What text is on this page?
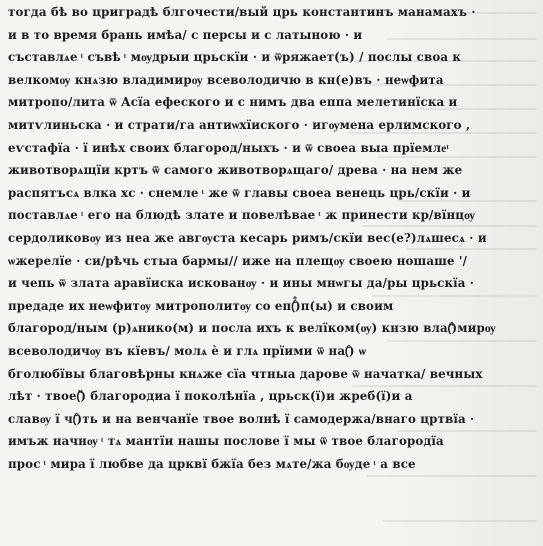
тогда бѣ во цриградѣ блгочести/вый црь константинъ манамахъ ·
и в то время брань имѣа/ с персы и с латыною · и
съставлѧе ͭ съвѣ ͭ мѹдрыи црьскїи · и ѿряжает(ъ) / послы своа к
велкомѹ кнѧзю владимирѹ всеволодичю в кн(е)въ · неѡфита
митропо/лита ѿ Асїа ефеского и с нимъ два еппа мелетинїска и
митѵлиньска · и страти/га антиѡхїиского · игѹмена ерлимского ,
еѵстафїа · ї инѣх своих благород/ныхъ · и ѿ своеа выа прїемлеͭ
животворѧщїи кртъ ѿ самого животворѧщаго/ древа · на нем же
распятъсѧ влка хс · снемле ͭ же ѿ главы своеа венець црь/скїи · и
поставлѧе ͭ его на блюдѣ злате и повелѣвае ͭ ж принести кр/вїнцѹ
сердоликовѹ из неа же авгѹста кесарь римъ/скїи вес(е?)лѧшесѧ · и
ѡжерелїе · си/рѣчь стыа бармы// иже на плещѹ своею ношаше '/
и чепь ѿ злата аравїиска искованѹ · и ины мнѡгы да/ры црьскїа ·
предаде их неѡфитѹ митрополитѹ со еп(ⷭⷪ)п(ы) и своим
благород/ным (р)ѧнико(м) и посла ихъ к велїком(ѹ) кнзю вла(ⷣ)мирѹ
всеволодичѹ въ кїевъ/ молѧ ѐ и глѧ прїими ѿ на(ⷭ) ѡ
бголюбївы благовѣрны кнѧже сїа чтныа дарове ѿ начатка/ вечных
лѣт · твое(ⷨ) благородиа ї поколѣнїа , црьск(ї)и жреб(ї)и а
славѹ ї ч(ⷭ)ть и на венчанїе твое волнѣ ї самодержа/внаго цртвїа ·
имъж начнѹ ͭ тѧ мантїи нашы послове ї мы ѿ твое благородїа
прос ͭ мира ї любве да црквї бжїа без мѧте/жа бѹде ͭ а все
